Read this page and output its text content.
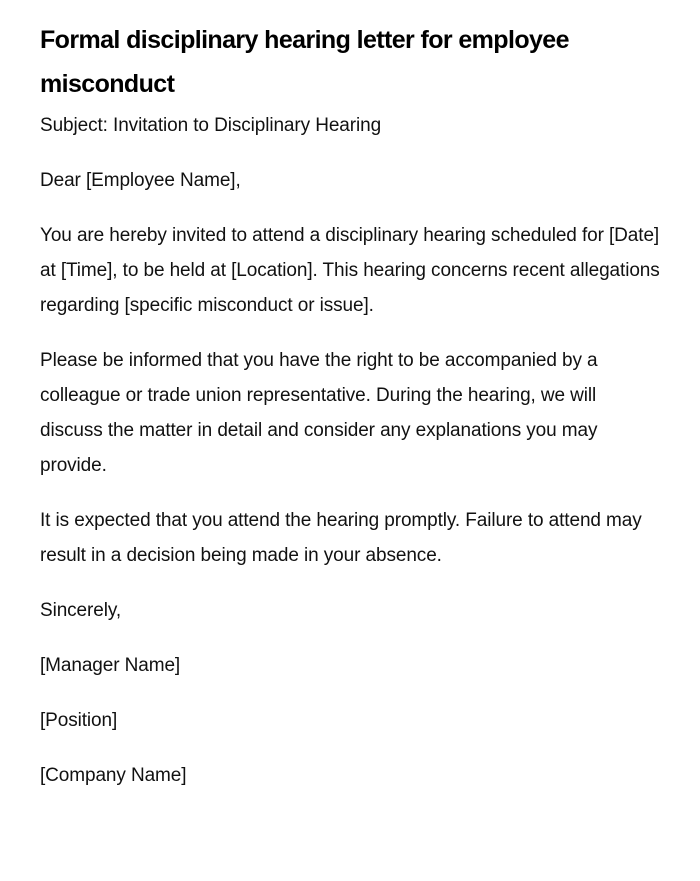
Formal disciplinary hearing letter for employee misconduct

Subject: Invitation to Disciplinary Hearing

Dear [Employee Name],

You are hereby invited to attend a disciplinary hearing scheduled for [Date] at [Time], to be held at [Location]. This hearing concerns recent allegations regarding [specific misconduct or issue].

Please be informed that you have the right to be accompanied by a colleague or trade union representative. During the hearing, we will discuss the matter in detail and consider any explanations you may provide.

It is expected that you attend the hearing promptly. Failure to attend may result in a decision being made in your absence.

Sincerely,

[Manager Name]

[Position]

[Company Name]
